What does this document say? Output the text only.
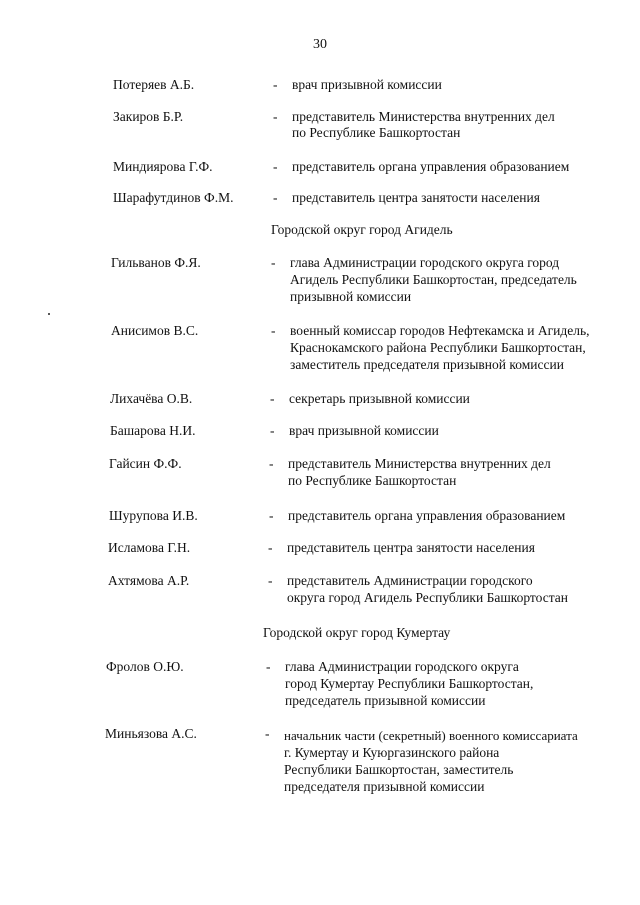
30
Потеряев А.Б.	- врач призывной комиссии
Закиров Б.Р.	- представитель Министерства внутренних дел
по Республике Башкортостан
Миндиярова Г.Ф.	- представитель органа управления образованием
Шарафутдинов Ф.М.	- представитель центра занятости населения
Городской округ город Агидель
Гильванов Ф.Я.	- глава Администрации городского округа город
Агидель Республики Башкортостан, председатель
призывной комиссии
Анисимов В.С.	- военный комиссар городов Нефтекамска и Агидель,
Краснокамского района Республики Башкортостан,
заместитель председателя призывной комиссии
Лихачёва О.В.	- секретарь призывной комиссии
Башарова Н.И.	- врач призывной комиссии
Гайсин Ф.Ф.	- представитель Министерства внутренних дел
по Республике Башкортостан
Шурупова И.В.	- представитель органа управления образованием
Исламова Г.Н.	- представитель центра занятости населения
Ахтямова А.Р.	- представитель Администрации городского
округа город Агидель Республики Башкортостан
Городской округ город Кумертау
Фролов О.Ю.	- глава Администрации городского округа
город Кумертау Республики Башкортостан,
председатель призывной комиссии
Миньязова А.С.	- начальник части (секретный) военного комиссариата
г. Кумертау и Куюргазинского района
Республики Башкортостан, заместитель
председателя призывной комиссии
